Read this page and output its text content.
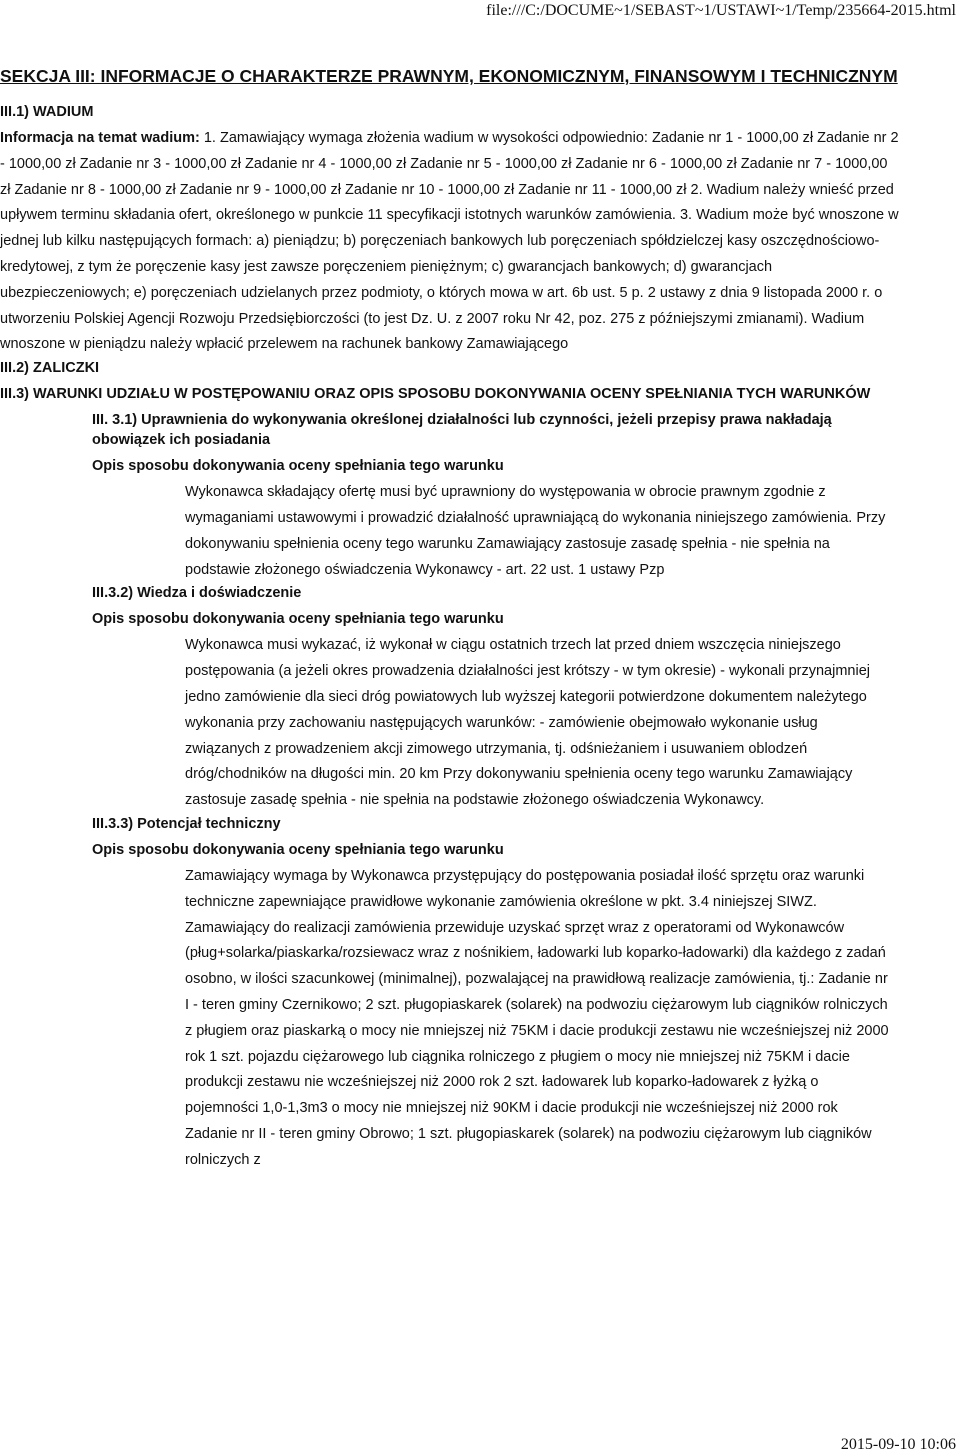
file:///C:/DOCUME~1/SEBAST~1/USTAWI~1/Temp/235664-2015.html
SEKCJA III: INFORMACJE O CHARAKTERZE PRAWNYM, EKONOMICZNYM, FINANSOWYM I TECHNICZNYM
III.1) WADIUM
Informacja na temat wadium: 1. Zamawiający wymaga złożenia wadium w wysokości odpowiednio: Zadanie nr 1 - 1000,00 zł Zadanie nr 2 - 1000,00 zł Zadanie nr 3 - 1000,00 zł Zadanie nr 4 - 1000,00 zł Zadanie nr 5 - 1000,00 zł Zadanie nr 6 - 1000,00 zł Zadanie nr 7 - 1000,00 zł Zadanie nr 8 - 1000,00 zł Zadanie nr 9 - 1000,00 zł Zadanie nr 10 - 1000,00 zł Zadanie nr 11 - 1000,00 zł 2. Wadium należy wnieść przed upływem terminu składania ofert, określonego w punkcie 11 specyfikacji istotnych warunków zamówienia. 3. Wadium może być wnoszone w jednej lub kilku następujących formach: a) pieniądzu; b) poręczeniach bankowych lub poręczeniach spółdzielczej kasy oszczędnościowo-kredytowej, z tym że poręczenie kasy jest zawsze poręczeniem pieniężnym; c) gwarancjach bankowych; d) gwarancjach ubezpieczeniowych; e) poręczeniach udzielanych przez podmioty, o których mowa w art. 6b ust. 5 p. 2 ustawy z dnia 9 listopada 2000 r. o utworzeniu Polskiej Agencji Rozwoju Przedsiębiorczości (to jest Dz. U. z 2007 roku Nr 42, poz. 275 z późniejszymi zmianami). Wadium wnoszone w pieniądzu należy wpłacić przelewem na rachunek bankowy Zamawiającego
III.2) ZALICZKI
III.3) WARUNKI UDZIAŁU W POSTĘPOWANIU ORAZ OPIS SPOSOBU DOKONYWANIA OCENY SPEŁNIANIA TYCH WARUNKÓW
III. 3.1) Uprawnienia do wykonywania określonej działalności lub czynności, jeżeli przepisy prawa nakładają obowiązek ich posiadania
Opis sposobu dokonywania oceny spełniania tego warunku
Wykonawca składający ofertę musi być uprawniony do występowania w obrocie prawnym zgodnie z wymaganiami ustawowymi i prowadzić działalność uprawniającą do wykonania niniejszego zamówienia. Przy dokonywaniu spełnienia oceny tego warunku Zamawiający zastosuje zasadę spełnia - nie spełnia na podstawie złożonego oświadczenia Wykonawcy - art. 22 ust. 1 ustawy Pzp
III.3.2) Wiedza i doświadczenie
Opis sposobu dokonywania oceny spełniania tego warunku
Wykonawca musi wykazać, iż wykonał w ciągu ostatnich trzech lat przed dniem wszczęcia niniejszego postępowania (a jeżeli okres prowadzenia działalności jest krótszy - w tym okresie) - wykonali przynajmniej jedno zamówienie dla sieci dróg powiatowych lub wyższej kategorii potwierdzone dokumentem należytego wykonania przy zachowaniu następujących warunków: - zamówienie obejmowało wykonanie usług związanych z prowadzeniem akcji zimowego utrzymania, tj. odśnieżaniem i usuwaniem oblodzeń dróg/chodników na długości min. 20 km Przy dokonywaniu spełnienia oceny tego warunku Zamawiający zastosuje zasadę spełnia - nie spełnia na podstawie złożonego oświadczenia Wykonawcy.
III.3.3) Potencjał techniczny
Opis sposobu dokonywania oceny spełniania tego warunku
Zamawiający wymaga by Wykonawca przystępujący do postępowania posiadał ilość sprzętu oraz warunki techniczne zapewniające prawidłowe wykonanie zamówienia określone w pkt. 3.4 niniejszej SIWZ. Zamawiający do realizacji zamówienia przewiduje uzyskać sprzęt wraz z operatorami od Wykonawców (pług+solarka/piaskarka/rozsiewacz wraz z nośnikiem, ładowarki lub koparko-ładowarki) dla każdego z zadań osobno, w ilości szacunkowej (minimalnej), pozwalającej na prawidłową realizacje zamówienia, tj.: Zadanie nr I - teren gminy Czernikowo; 2 szt. pługopiaskarek (solarek) na podwoziu ciężarowym lub ciągników rolniczych z pługiem oraz piaskarką o mocy nie mniejszej niż 75KM i dacie produkcji zestawu nie wcześniejszej niż 2000 rok 1 szt. pojazdu ciężarowego lub ciągnika rolniczego z pługiem o mocy nie mniejszej niż 75KM i dacie produkcji zestawu nie wcześniejszej niż 2000 rok 2 szt. ładowarek lub koparko-ładowarek z łyżką o pojemności 1,0-1,3m3 o mocy nie mniejszej niż 90KM i dacie produkcji nie wcześniejszej niż 2000 rok Zadanie nr II - teren gminy Obrowo; 1 szt. pługopiaskarek (solarek) na podwoziu ciężarowym lub ciągników rolniczych z
2015-09-10 10:06
